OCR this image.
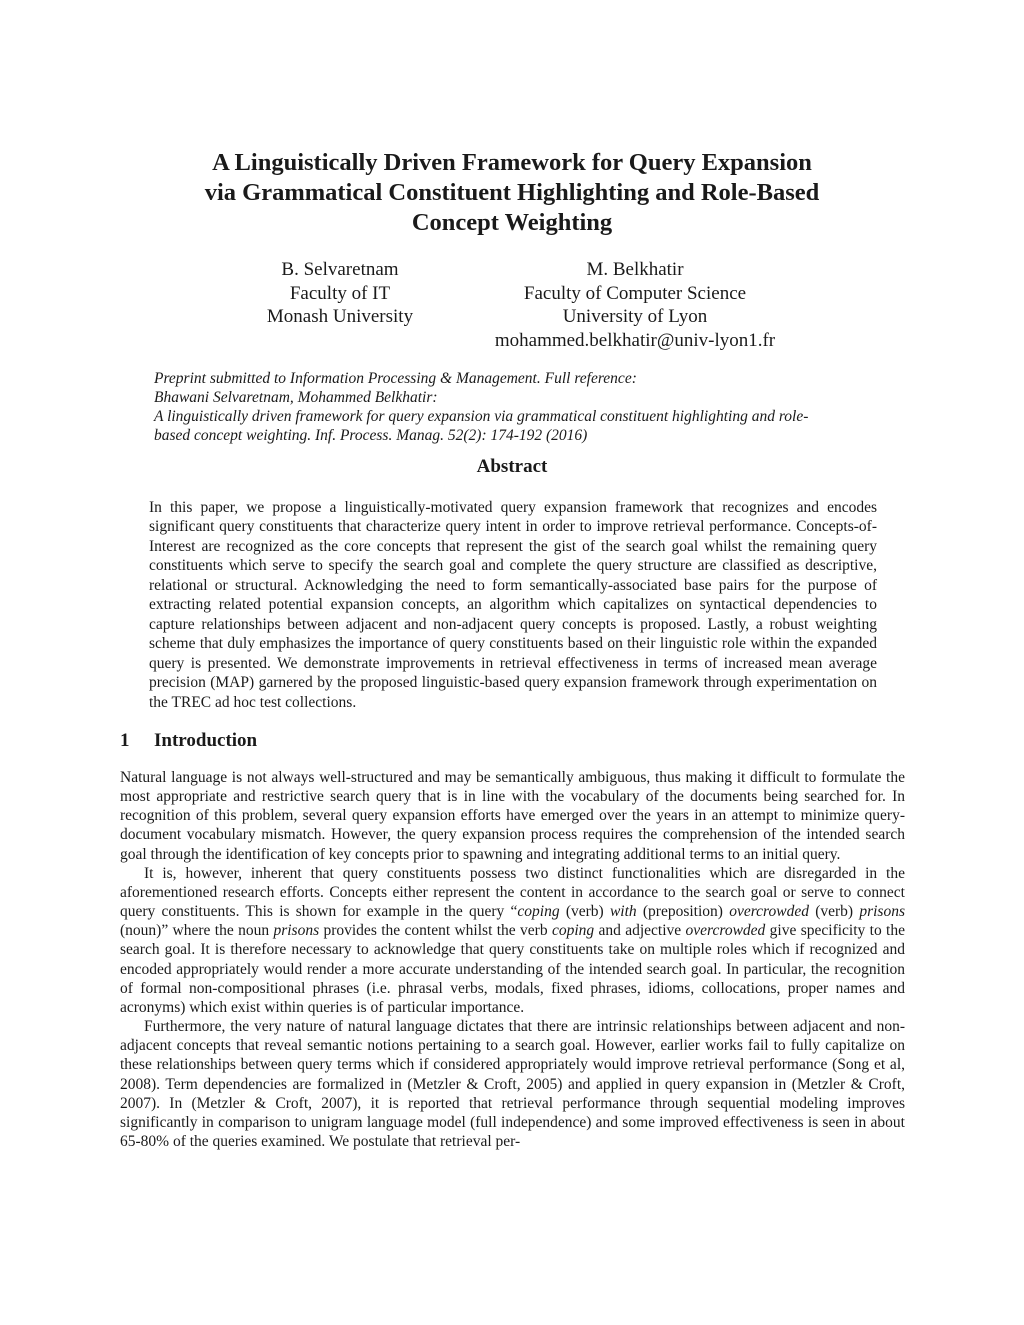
A Linguistically Driven Framework for Query Expansion
via Grammatical Constituent Highlighting and Role-Based
Concept Weighting
B. Selvaretnam
Faculty of IT
Monash University
M. Belkhatir
Faculty of Computer Science
University of Lyon
mohammed.belkhatir@univ-lyon1.fr
Preprint submitted to Information Processing & Management. Full reference:
Bhawani Selvaretnam, Mohammed Belkhatir:
A linguistically driven framework for query expansion via grammatical constituent highlighting and role-
based concept weighting. Inf. Process. Manag. 52(2): 174-192 (2016)
Abstract
In this paper, we propose a linguistically-motivated query expansion framework that recognizes and encodes significant query constituents that characterize query intent in order to improve retrieval performance. Concepts-of-Interest are recognized as the core concepts that represent the gist of the search goal whilst the remaining query constituents which serve to specify the search goal and complete the query structure are classified as descriptive, relational or structural. Acknowledging the need to form semantically-associated base pairs for the purpose of extracting related potential expansion concepts, an algorithm which capitalizes on syntactical dependencies to capture relationships between adjacent and non-adjacent query concepts is proposed. Lastly, a robust weighting scheme that duly emphasizes the importance of query constituents based on their linguistic role within the expanded query is presented. We demonstrate improvements in retrieval effectiveness in terms of increased mean average precision (MAP) garnered by the proposed linguistic-based query expansion framework through experimentation on the TREC ad hoc test collections.
1 Introduction

Natural language is not always well-structured and may be semantically ambiguous, thus making it difficult to formulate the most appropriate and restrictive search query that is in line with the vocabulary of the documents being searched for. In recognition of this problem, several query expansion efforts have emerged over the years in an attempt to minimize query-document vocabulary mismatch. However, the query expansion process requires the comprehension of the intended search goal through the identification of key concepts prior to spawning and integrating additional terms to an initial query.

It is, however, inherent that query constituents possess two distinct functionalities which are disregarded in the aforementioned research efforts. Concepts either represent the content in accordance to the search goal or serve to connect query constituents. This is shown for example in the query “coping (verb) with (preposition) overcrowded (verb) prisons (noun)” where the noun prisons provides the content whilst the verb coping and adjective overcrowded give specificity to the search goal. It is therefore necessary to acknowledge that query constituents take on multiple roles which if recognized and encoded appropriately would render a more accurate understanding of the intended search goal. In particular, the recognition of formal non-compositional phrases (i.e. phrasal verbs, modals, fixed phrases, idioms, collocations, proper names and acronyms) which exist within queries is of particular importance.

Furthermore, the very nature of natural language dictates that there are intrinsic relationships between adjacent and non-adjacent concepts that reveal semantic notions pertaining to a search goal. However, earlier works fail to fully capitalize on these relationships between query terms which if considered appropriately would improve retrieval performance (Song et al, 2008). Term dependencies are formalized in (Metzler & Croft, 2005) and applied in query expansion in (Metzler & Croft, 2007). In (Metzler & Croft, 2007), it is reported that retrieval performance through sequential modeling improves significantly in comparison to unigram language model (full independence) and some improved effectiveness is seen in about 65-80% of the queries examined. We postulate that retrieval per-
